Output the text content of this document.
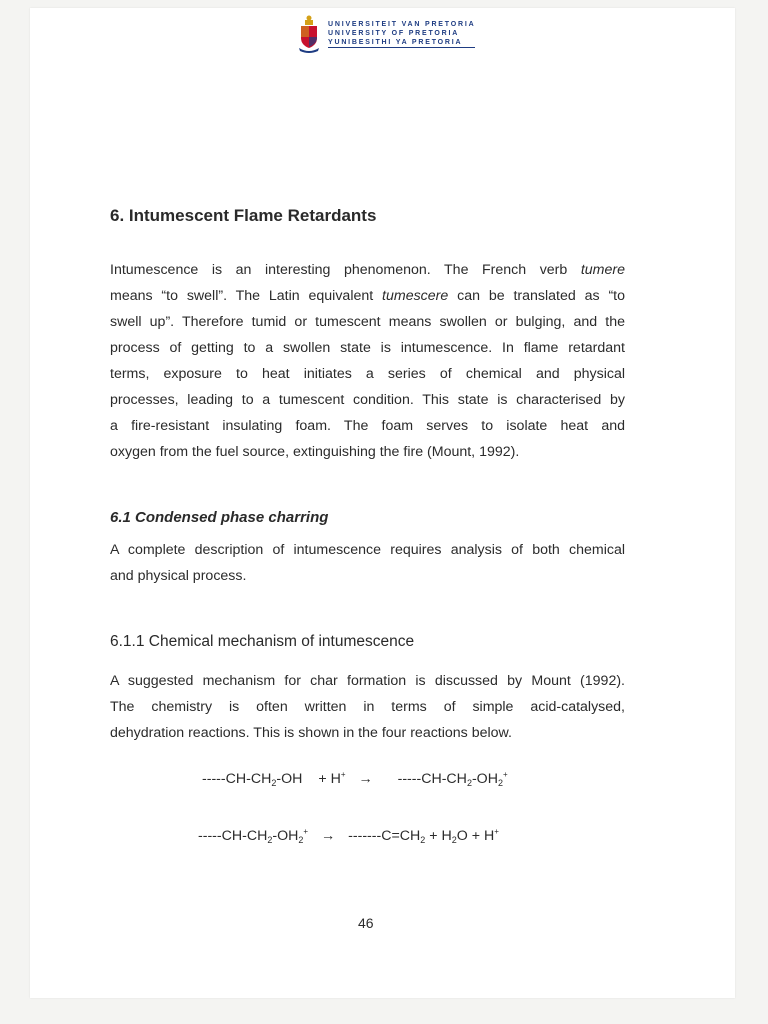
UNIVERSITEIT VAN PRETORIA
UNIVERSITY OF PRETORIA
YUNIBESITHI YA PRETORIA
6. Intumescent Flame Retardants
Intumescence is an interesting phenomenon. The French verb tumere
means “to swell”. The Latin equivalent tumescere can be translated as “to
swell up”. Therefore tumid or tumescent means swollen or bulging, and the
process of getting to a swollen state is intumescence. In flame retardant
terms, exposure to heat initiates a series of chemical and physical
processes, leading to a tumescent condition. This state is characterised by
a fire-resistant insulating foam. The foam serves to isolate heat and
oxygen from the fuel source, extinguishing the fire (Mount, 1992).
6.1 Condensed phase charring
A complete description of intumescence requires analysis of both chemical
and physical process.
6.1.1 Chemical mechanism of intumescence
A suggested mechanism for char formation is discussed by Mount (1992).
The chemistry is often written in terms of simple acid-catalysed,
dehydration reactions. This is shown in the four reactions below.
$-----CH-CH_2-OH + H^+ \to -----CH-CH_2-OH_2^+$
$-----CH-CH_2-OH_2^+ \to -------C=CH_2 + H_2O + H^+$
46
